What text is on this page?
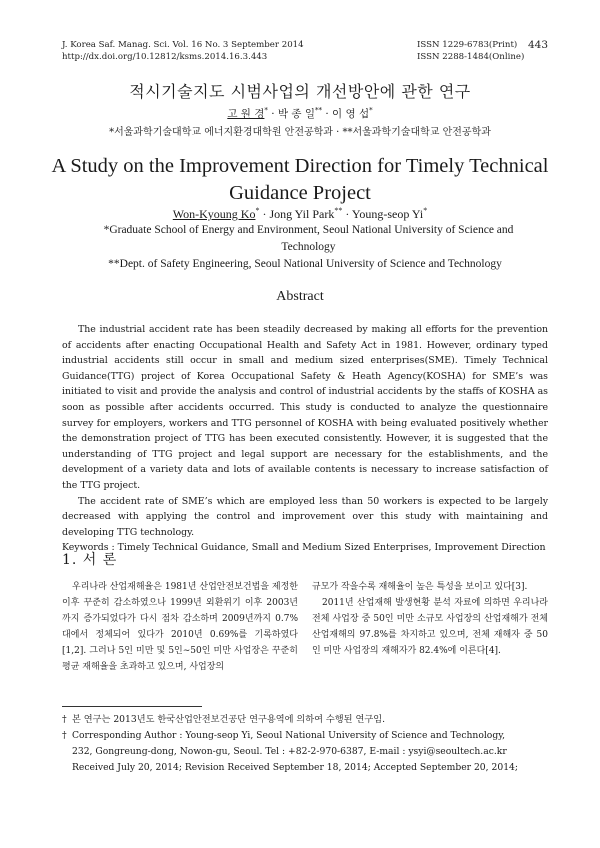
J. Korea Saf. Manag. Sci. Vol. 16 No. 3 September 2014
http://dx.doi.org/10.12812/ksms.2014.16.3.443
ISSN 1229-6783(Print)
ISSN 2288-1484(Online)
443
적시기술지도 시범사업의 개선방안에 관한 연구
고 원 경* · 박 종 일** · 이 영 섭*
*서울과학기술대학교 에너지환경대학원 안전공학과 · **서울과학기술대학교 안전공학과
A Study on the Improvement Direction for Timely Technical
Guidance Project
Won-Kyoung Ko* · Jong Yil Park** · Young-seop Yi*
*Graduate School of Energy and Environment, Seoul National University of Science and
Technology
**Dept. of Safety Engineering, Seoul National University of Science and Technology
Abstract

The industrial accident rate has been steadily decreased by making all efforts for the prevention of accidents after enacting Occupational Health and Safety Act in 1981. However, ordinary typed industrial accidents still occur in small and medium sized enterprises(SME). Timely Technical Guidance(TTG) project of Korea Occupational Safety & Heath Agency(KOSHA) for SME’s was initiated to visit and provide the analysis and control of industrial accidents by the staffs of KOSHA as soon as possible after accidents occurred. This study is conducted to analyze the questionnaire survey for employers, workers and TTG personnel of KOSHA with being evaluated positively whether the demonstration project of TTG has been executed consistently. However, it is suggested that the understanding of TTG project and legal support are necessary for the establishments, and the development of a variety data and lots of available contents is necessary to increase satisfaction of the TTG project.

The accident rate of SME’s which are employed less than 50 workers is expected to be largely decreased with applying the control and improvement over this study with maintaining and developing TTG technology.

Keywords : Timely Technical Guidance, Small and Medium Sized Enterprises, Improvement Direction

1. 서 론

우리나라 산업재해율은 1981년 산업안전보건법을 제정한 이후 꾸준히 감소하였으나 1999년 외환위기 이후 2003년까지 증가되었다가 다시 점차 감소하며 2009년까지 0.7%대에서 정체되어 있다가 2010년 0.69%를 기록하였다[1,2]. 그러나 5인 미만 및 5인∼50인 미만 사업장은 꾸준히 평균 재해율을 초과하고 있으며, 사업장의

규모가 작을수록 재해율이 높은 특성을 보이고 있다[3].

2011년 산업재해 발생현황 분석 자료에 의하면 우리나라 전체 사업장 중 50인 미만 소규모 사업장의 산업재해가 전체 산업재해의 97.8%를 차지하고 있으며, 전체 재해자 중 50인 미만 사업장의 재해자가 82.4%에 이른다[4].

† 본 연구는 2013년도 한국산업안전보건공단 연구용역에 의하여 수행된 연구임.
† Corresponding Author : Young-seop Yi, Seoul National University of Science and Technology,
232, Gongreung-dong, Nowon-gu, Seoul. Tel : +82-2-970-6387, E-mail : ysyi@seoultech.ac.kr
Received July 20, 2014; Revision Received September 18, 2014; Accepted September 20, 2014;
